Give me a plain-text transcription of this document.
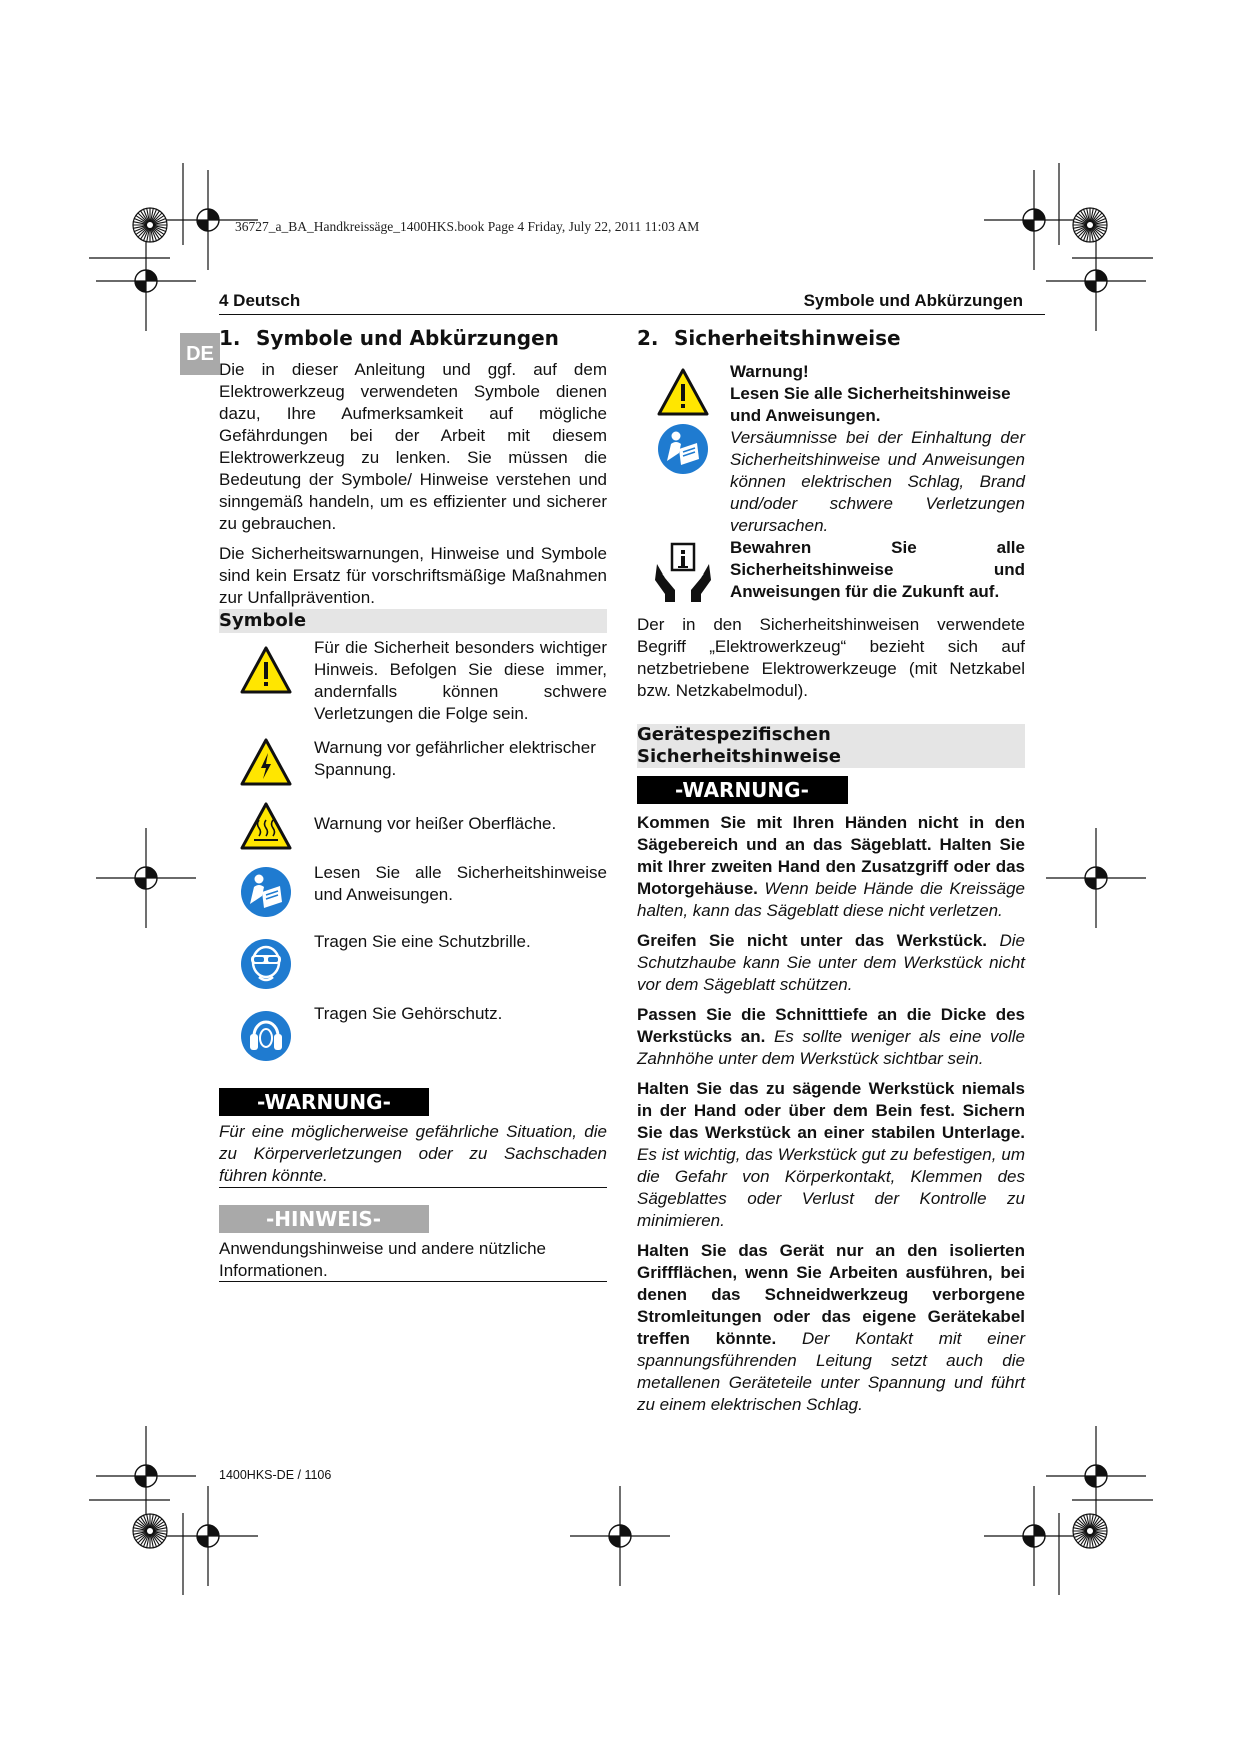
36727_a_BA_Handkreissäge_1400HKS.book Page 4 Friday, July 22, 2011 11:03 AM
4 Deutsch	Symbole und Abkürzungen
DE
1. Symbole und Abkürzungen

Die in dieser Anleitung und ggf. auf dem Elektrowerkzeug verwendeten Symbole dienen dazu, Ihre Aufmerksamkeit auf mögliche Gefährdungen bei der Arbeit mit diesem Elektrowerkzeug zu lenken. Sie müssen die Bedeutung der Symbole/ Hinweise verstehen und sinngemäß handeln, um es effizienter und sicherer zu gebrauchen.

Die Sicherheitswarnungen, Hinweise und Symbole sind kein Ersatz für vorschriftsmäßige Maßnahmen zur Unfallprävention.

Symbole
Für die Sicherheit besonders wichtiger Hinweis. Befolgen Sie diese immer, andernfalls können schwere Verletzungen die Folge sein.
Warnung vor gefährlicher elektrischer Spannung.
Warnung vor heißer Oberfläche.
Lesen Sie alle Sicherheitshinweise und Anweisungen.
Tragen Sie eine Schutzbrille.
Tragen Sie Gehörschutz.
-WARNUNG-
Für eine möglicherweise gefährliche Situation, die zu Körperverletzungen oder zu Sachschaden führen könnte.
-HINWEIS-
Anwendungshinweise und andere nützliche Informationen.
2. Sicherheitshinweise

Warnung!

Lesen Sie alle Sicherheitshinweise und Anweisungen.

Versäumnisse bei der Einhaltung der Sicherheitshinweise und Anweisungen können elektrischen Schlag, Brand und/oder schwere Verletzungen verursachen.

Bewahren Sie alle Sicherheitshinweise und Anweisungen für die Zukunft auf.

Der in den Sicherheitshinweisen verwendete Begriff „Elektrowerkzeug“ bezieht sich auf netzbetriebene Elektrowerkzeuge (mit Netzkabel bzw. Netzkabelmodul).
Gerätespezifischen Sicherheitshinweise

-WARNUNG-

Kommen Sie mit Ihren Händen nicht in den Sägebereich und an das Sägeblatt. Halten Sie mit Ihrer zweiten Hand den Zusatzgriff oder das Motorgehäuse. Wenn beide Hände die Kreissäge halten, kann das Sägeblatt diese nicht verletzen.

Greifen Sie nicht unter das Werkstück. Die Schutzhaube kann Sie unter dem Werkstück nicht vor dem Sägeblatt schützen.

Passen Sie die Schnitttiefe an die Dicke des Werkstücks an. Es sollte weniger als eine volle Zahnhöhe unter dem Werkstück sichtbar sein.

Halten Sie das zu sägende Werkstück niemals in der Hand oder über dem Bein fest. Sichern Sie das Werkstück an einer stabilen Unterlage. Es ist wichtig, das Werkstück gut zu befestigen, um die Gefahr von Körperkontakt, Klemmen des Sägeblattes oder Verlust der Kontrolle zu minimieren.

Halten Sie das Gerät nur an den isolierten Griffflächen, wenn Sie Arbeiten ausführen, bei denen das Schneidwerkzeug verborgene Stromleitungen oder das eigene Gerätekabel treffen könnte. Der Kontakt mit einer spannungsführenden Leitung setzt auch die metallenen Geräteteile unter Spannung und führt zu einem elektrischen Schlag.

1400HKS-DE / 1106
